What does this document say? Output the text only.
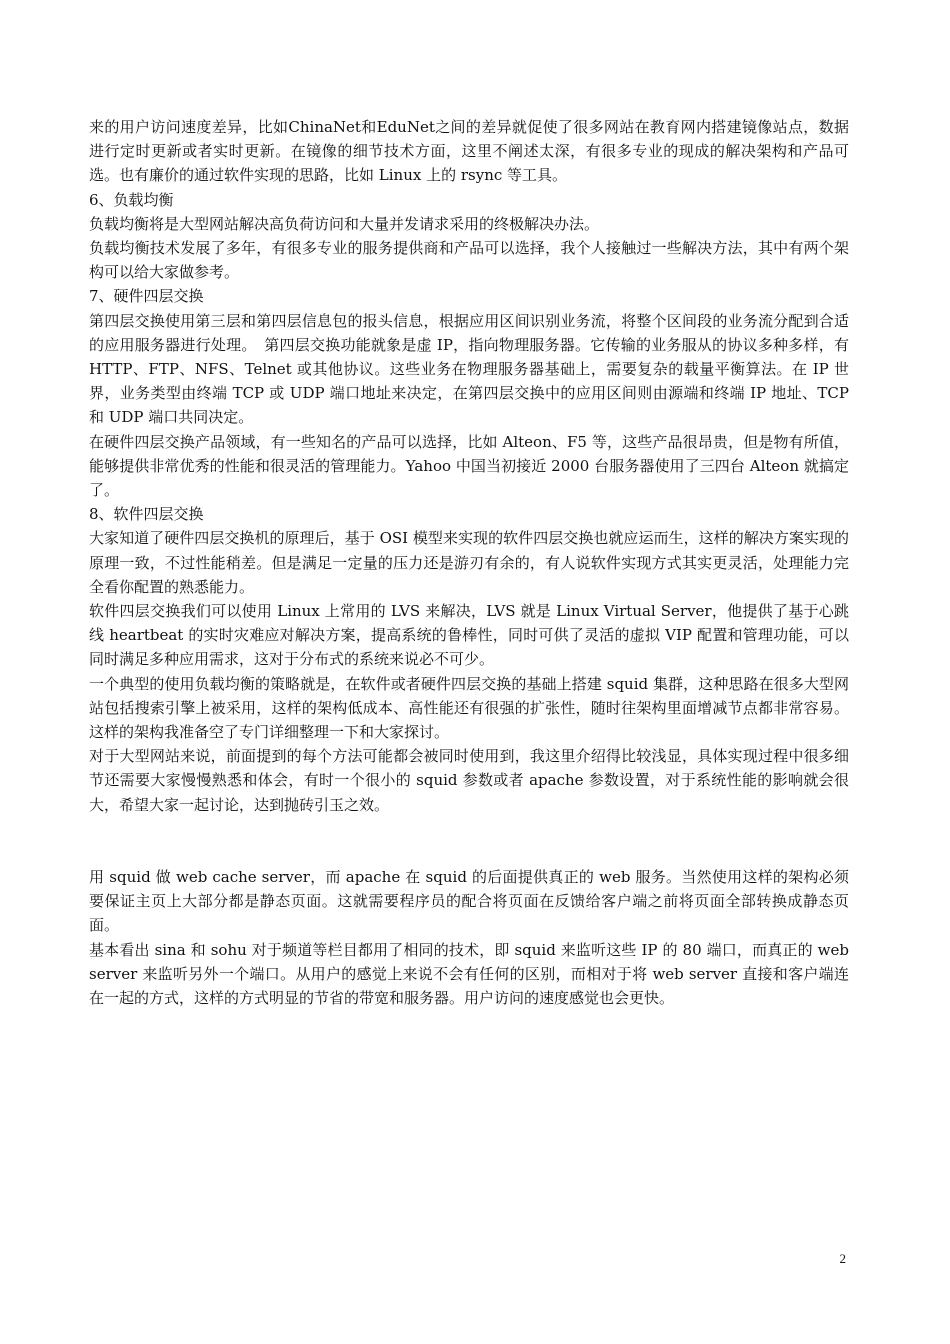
来的用户访问速度差异，比如ChinaNet和EduNet之间的差异就促使了很多网站在教育网内搭建镜像站点，数据进行定时更新或者实时更新。在镜像的细节技术方面，这里不阐述太深，有很多专业的现成的解决架构和产品可选。也有廉价的通过软件实现的思路，比如 Linux 上的 rsync 等工具。

6、负载均衡

负载均衡将是大型网站解决高负荷访问和大量并发请求采用的终极解决办法。

负载均衡技术发展了多年，有很多专业的服务提供商和产品可以选择，我个人接触过一些解决方法，其中有两个架构可以给大家做参考。

7、硬件四层交换

第四层交换使用第三层和第四层信息包的报头信息，根据应用区间识别业务流，将整个区间段的业务流分配到合适的应用服务器进行处理。　第四层交换功能就象是虚 IP，指向物理服务器。它传输的业务服从的协议多种多样，有 HTTP、FTP、NFS、Telnet 或其他协议。这些业务在物理服务器基础上，需要复杂的载量平衡算法。在 IP 世界，业务类型由终端 TCP 或 UDP 端口地址来决定，在第四层交换中的应用区间则由源端和终端 IP 地址、TCP 和 UDP 端口共同决定。

在硬件四层交换产品领域，有一些知名的产品可以选择，比如 Alteon、F5 等，这些产品很昂贵，但是物有所值，能够提供非常优秀的性能和很灵活的管理能力。Yahoo 中国当初接近 2000 台服务器使用了三四台 Alteon 就搞定了。

8、软件四层交换

大家知道了硬件四层交换机的原理后，基于 OSI 模型来实现的软件四层交换也就应运而生，这样的解决方案实现的原理一致，不过性能稍差。但是满足一定量的压力还是游刃有余的，有人说软件实现方式其实更灵活，处理能力完全看你配置的熟悉能力。

软件四层交换我们可以使用 Linux 上常用的 LVS 来解决，LVS 就是 Linux Virtual Server，他提供了基于心跳线 heartbeat 的实时灾难应对解决方案，提高系统的鲁棒性，同时可供了灵活的虚拟 VIP 配置和管理功能，可以同时满足多种应用需求，这对于分布式的系统来说必不可少。

一个典型的使用负载均衡的策略就是，在软件或者硬件四层交换的基础上搭建 squid 集群，这种思路在很多大型网站包括搜索引擎上被采用，这样的架构低成本、高性能还有很强的扩张性，随时往架构里面增减节点都非常容易。这样的架构我准备空了专门详细整理一下和大家探讨。

对于大型网站来说，前面提到的每个方法可能都会被同时使用到，我这里介绍得比较浅显，具体实现过程中很多细节还需要大家慢慢熟悉和体会，有时一个很小的 squid 参数或者 apache 参数设置，对于系统性能的影响就会很大，希望大家一起讨论，达到抛砖引玉之效。

用 squid 做 web cache server，而 apache 在 squid 的后面提供真正的 web 服务。当然使用这样的架构必须要保证主页上大部分都是静态页面。这就需要程序员的配合将页面在反馈给客户端之前将页面全部转换成静态页面。

基本看出 sina 和 sohu 对于频道等栏目都用了相同的技术，即 squid 来监听这些 IP 的 80 端口，而真正的 web server 来监听另外一个端口。从用户的感觉上来说不会有任何的区别，而相对于将 web server 直接和客户端连在一起的方式，这样的方式明显的节省的带宽和服务器。用户访问的速度感觉也会更快。

2
